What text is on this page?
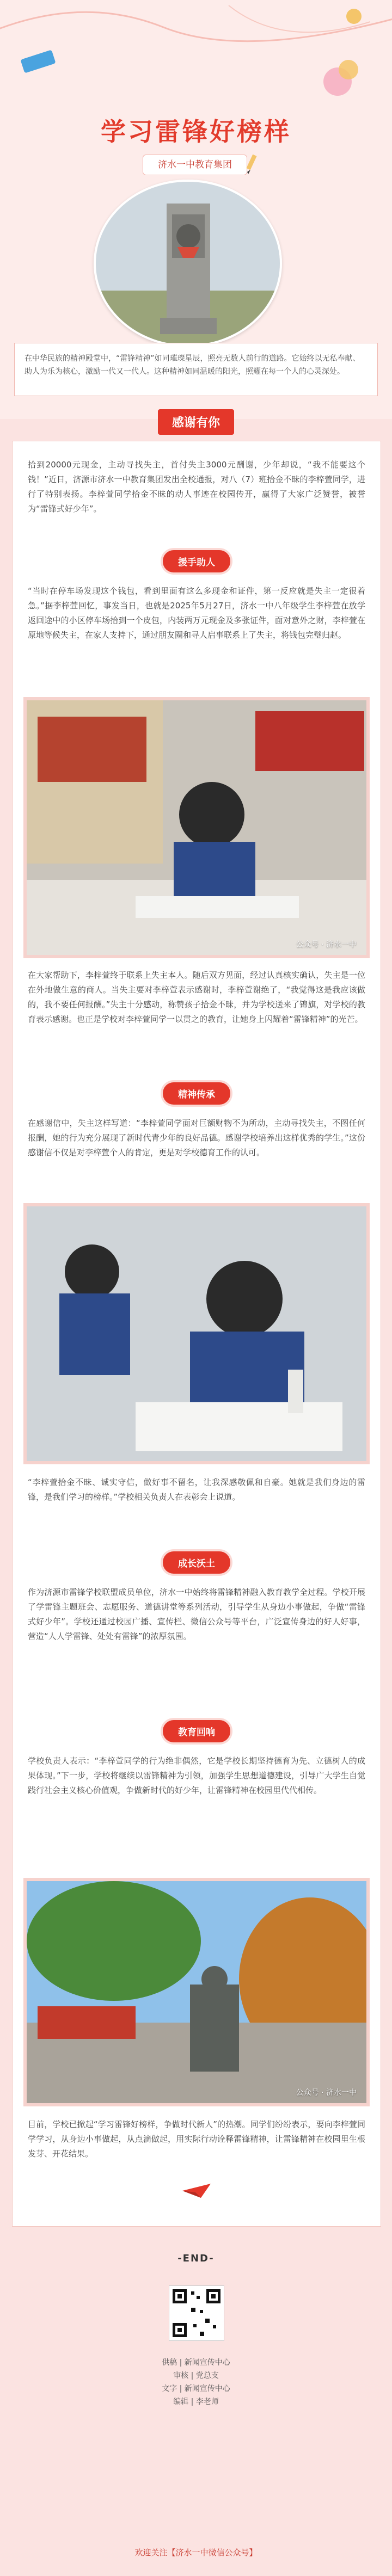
学习雷锋好榜样
济水一中教育集团
在中华民族的精神殿堂中，“雷锋精神”如同璀璨星辰，照亮无数人前行的道路。它始终以无私奉献、助人为乐为核心，激励一代又一代人。这种精神如同温暖的阳光，照耀在每一个人的心灵深处。
感谢有你
拾到20000元现金，主动寻找失主，首付失主3000元酬谢，少年却说，“我不能要这个钱！”近日，济源市济水一中教育集团发出全校通报，对八（7）班拾金不昧的李梓萱同学，进行了特别表扬。李梓萱同学拾金不昧的动人事迹在校园传开，赢得了大家广泛赞誉，被誉为“雷锋式好少年”。
援手助人
“当时在停车场发现这个钱包，看到里面有这么多现金和证件，第一反应就是失主一定很着急。”据李梓萱回忆，事发当日，也就是2025年5月27日，济水一中八年级学生李梓萱在放学返回途中的小区停车场拾到一个皮包，内装两万元现金及多张证件，面对意外之财，李梓萱在原地等候失主，在家人支持下，通过朋友圈和寻人启事联系上了失主，将钱包完璧归赵。
公众号 · 济水一中
在大家帮助下，李梓萱终于联系上失主本人。随后双方见面，经过认真核实确认，失主是一位在外地做生意的商人。当失主要对李梓萱表示感谢时，李梓萱谢绝了，“我觉得这是我应该做的，我不要任何报酬。”失主十分感动，称赞孩子拾金不昧，并为学校送来了锦旗，对学校的教育表示感谢。也正是学校对李梓萱同学一以贯之的教育，让她身上闪耀着“雷锋精神”的光芒。
精神传承
在感谢信中，失主这样写道：“李梓萱同学面对巨额财物不为所动，主动寻找失主，不图任何报酬，她的行为充分展现了新时代青少年的良好品德。感谢学校培养出这样优秀的学生。”这份感谢信不仅是对李梓萱个人的肯定，更是对学校德育工作的认可。
“李梓萱拾金不昧、诚实守信，做好事不留名，让我深感敬佩和自豪。她就是我们身边的雷锋，是我们学习的榜样。”学校相关负责人在表彰会上说道。
成长沃土
作为济源市雷锋学校联盟成员单位，济水一中始终将雷锋精神融入教育教学全过程。学校开展了学雷锋主题班会、志愿服务、道德讲堂等系列活动，引导学生从身边小事做起，争做“雷锋式好少年”。学校还通过校园广播、宣传栏、微信公众号等平台，广泛宣传身边的好人好事，营造“人人学雷锋、处处有雷锋”的浓厚氛围。
教育回响
学校负责人表示：“李梓萱同学的行为绝非偶然，它是学校长期坚持德育为先、立德树人的成果体现。”下一步，学校将继续以雷锋精神为引领，加强学生思想道德建设，引导广大学生自觉践行社会主义核心价值观，争做新时代的好少年，让雷锋精神在校园里代代相传。
公众号 · 济水一中
目前，学校已掀起“学习雷锋好榜样，争做时代新人”的热潮。同学们纷纷表示，要向李梓萱同学学习，从身边小事做起，从点滴做起，用实际行动诠释雷锋精神，让雷锋精神在校园里生根发芽、开花结果。
-END-
供稿 | 新闻宣传中心
审核 | 党总支
文字 | 新闻宣传中心
编辑 | 李老师
欢迎关注【济水一中微信公众号】
